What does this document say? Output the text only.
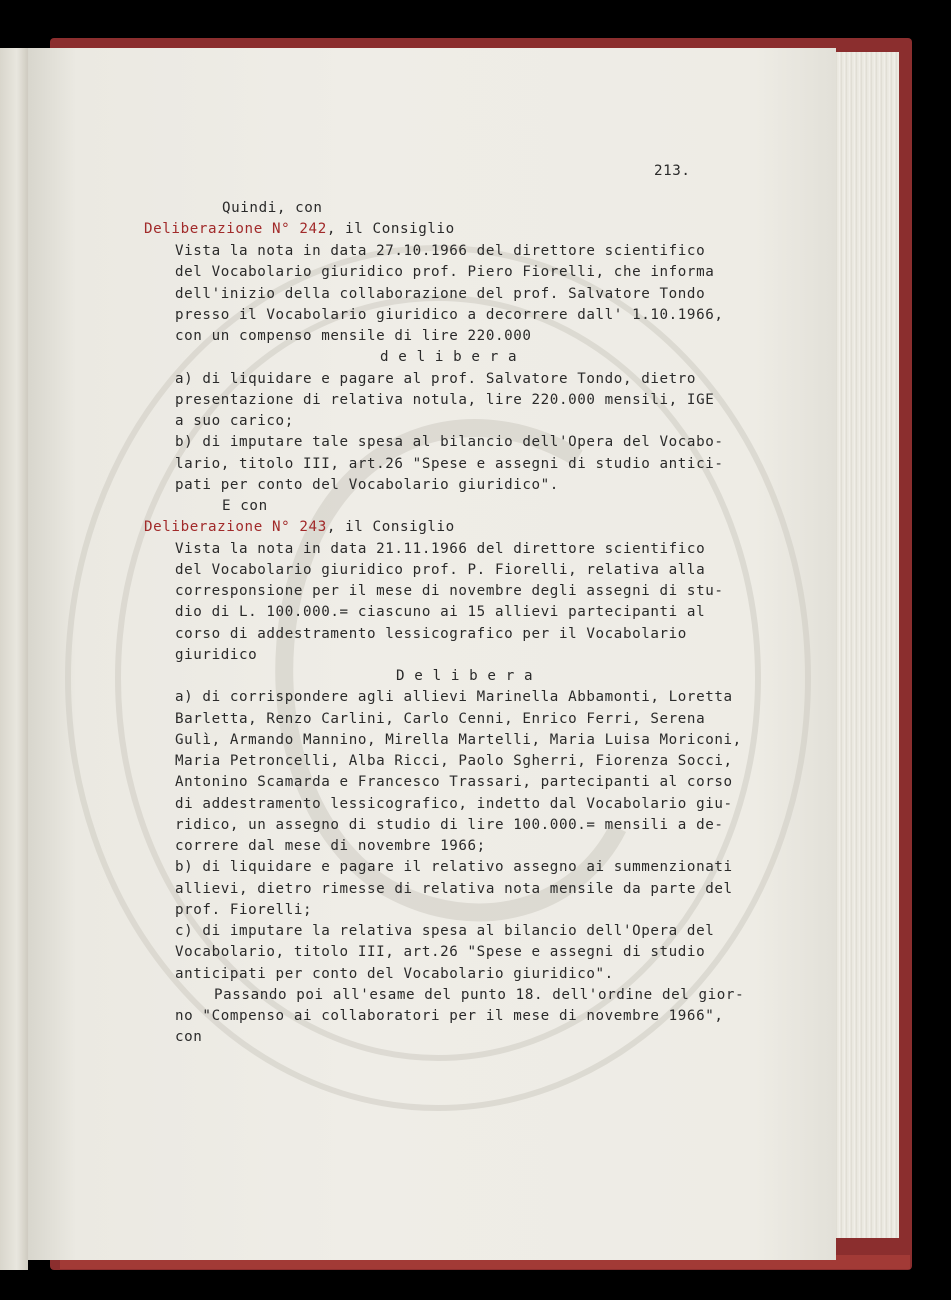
213.
Quindi, con
Deliberazione N° 242, il Consiglio
Vista la nota in data 27.10.1966 del direttore scientifico
del Vocabolario giuridico prof. Piero Fiorelli, che informa
dell'inizio della collaborazione del prof. Salvatore Tondo
presso il Vocabolario giuridico a decorrere dall' 1.10.1966,
con un compenso mensile di lire 220.000
d e l i b e r a
a) di liquidare e pagare al prof. Salvatore Tondo, dietro
presentazione di relativa notula, lire 220.000 mensili, IGE
a suo carico;
b) di imputare tale spesa al bilancio dell'Opera del Vocabo-
lario, titolo III, art.26 "Spese e assegni di studio antici-
pati per conto del Vocabolario giuridico".
E con
Deliberazione N° 243, il Consiglio
Vista la nota in data 21.11.1966 del direttore scientifico
del Vocabolario giuridico prof. P. Fiorelli, relativa alla
corresponsione per il mese di novembre degli assegni di stu-
dio di L. 100.000.= ciascuno ai 15 allievi partecipanti al
corso di addestramento lessicografico per il Vocabolario
giuridico
D e l i b e r a
a) di corrispondere agli allievi Marinella Abbamonti, Loretta
Barletta, Renzo Carlini, Carlo Cenni, Enrico Ferri, Serena
Gulì, Armando Mannino, Mirella Martelli, Maria Luisa Moriconi,
Maria Petroncelli, Alba Ricci, Paolo Sgherri, Fiorenza Socci,
Antonino Scamarda e Francesco Trassari, partecipanti al corso
di addestramento lessicografico, indetto dal Vocabolario giu-
ridico, un assegno di studio di lire 100.000.= mensili a de-
correre dal mese di novembre 1966;
b) di liquidare e pagare il relativo assegno ai summenzionati
allievi, dietro rimesse di relativa nota mensile da parte del
prof. Fiorelli;
c) di imputare la relativa spesa al bilancio dell'Opera del
Vocabolario, titolo III, art.26 "Spese e assegni di studio
anticipati per conto del Vocabolario giuridico".
Passando poi all'esame del punto 18. dell'ordine del gior-
no "Compenso ai collaboratori per il mese di novembre 1966",
con
